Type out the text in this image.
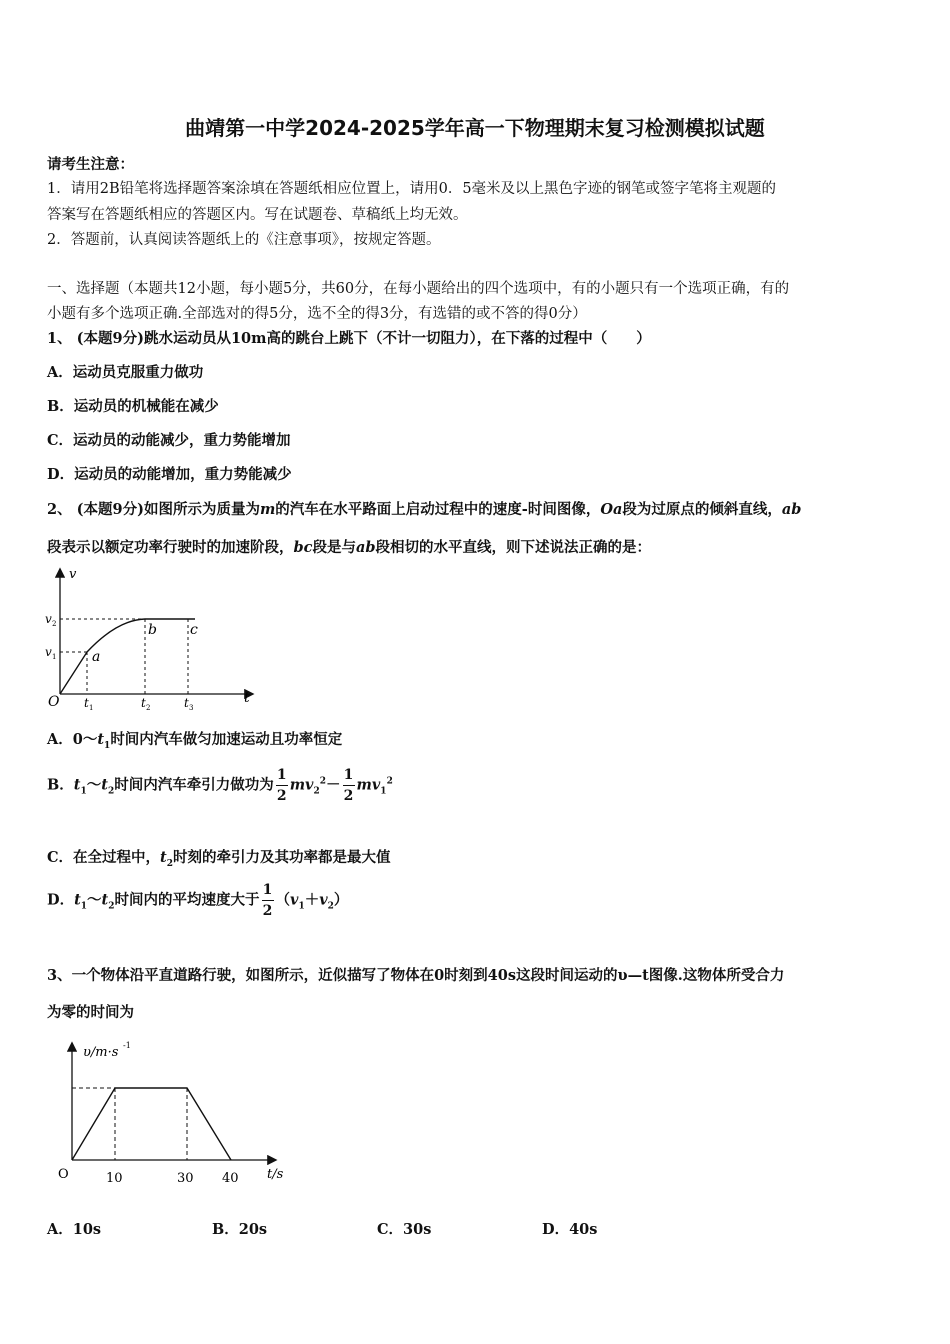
曲靖第一中学2024-2025学年高一下物理期末复习检测模拟试题
请考生注意：
1．请用2B铅笔将选择题答案涂填在答题纸相应位置上，请用0．5毫米及以上黑色字迹的钢笔或签字笔将主观题的
答案写在答题纸相应的答题区内。写在试题卷、草稿纸上均无效。
2．答题前，认真阅读答题纸上的《注意事项》，按规定答题。
一、选择题（本题共12小题，每小题5分，共60分，在每小题给出的四个选项中，有的小题只有一个选项正确，有的
小题有多个选项正确.全部选对的得5分，选不全的得3分，有选错的或不答的得0分）
1、 (本题9分)跳水运动员从10m高的跳台上跳下（不计一切阻力），在下落的过程中（　　）
A．运动员克服重力做功
B．运动员的机械能在减少
C．运动员的动能减少，重力势能增加
D．运动员的动能增加，重力势能减少
2、 (本题9分)如图所示为质量为m的汽车在水平路面上启动过程中的速度-时间图像，Oa段为过原点的倾斜直线，ab
段表示以额定功率行驶时的加速阶段，bc段是与ab段相切的水平直线，则下述说法正确的是：
v
v 2
v 1	a
b c
O	t
t 1	t 2	t 3
A．$0\sim t_1$时间内汽车做匀加速运动且功率恒定
B．$t_1\sim t_2$时间内汽车牵引力做功为 $\frac{1}{2} mv_2^2- \frac{1}{2} mv_1^2$
C．在全过程中，$t_2$时刻的牵引力及其功率都是最大值
D．$t_1\sim t_2$时间内的平均速度大于 $\frac{1}{2} (v_1+v_2)$
3、一个物体沿平直道路行驶，如图所示，近似描写了物体在0时刻到40s这段时间运动的υ—t图像.这物体所受合力
为零的时间为
υ/m·s -1
O	10	30 40 t/s
A．10s	B．20s	C．30s	D．40s
